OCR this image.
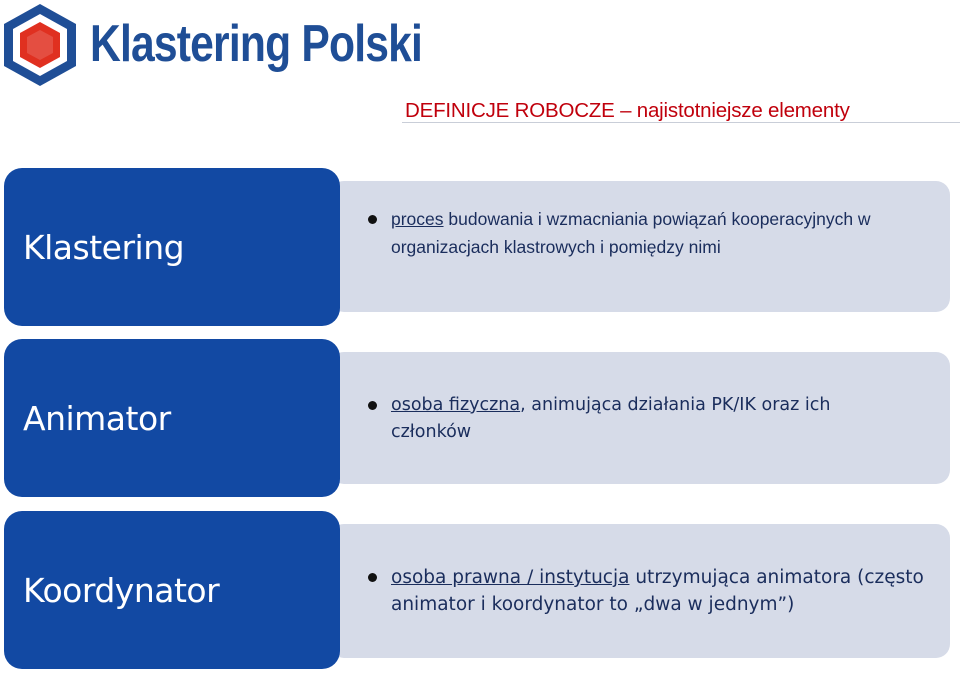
Klastering Polski
DEFINICJE ROBOCZE – najistotniejsze elementy
Klastering
proces budowania i wzmacniania powiązań kooperacyjnych w organizacjach klastrowych i pomiędzy nimi
Animator	osoba fizyczna, animująca działania PK/IK oraz ich członków
Koordynator	osoba prawna / instytucja utrzymująca animatora (często animator i koordynator to „dwa w jednym”)
